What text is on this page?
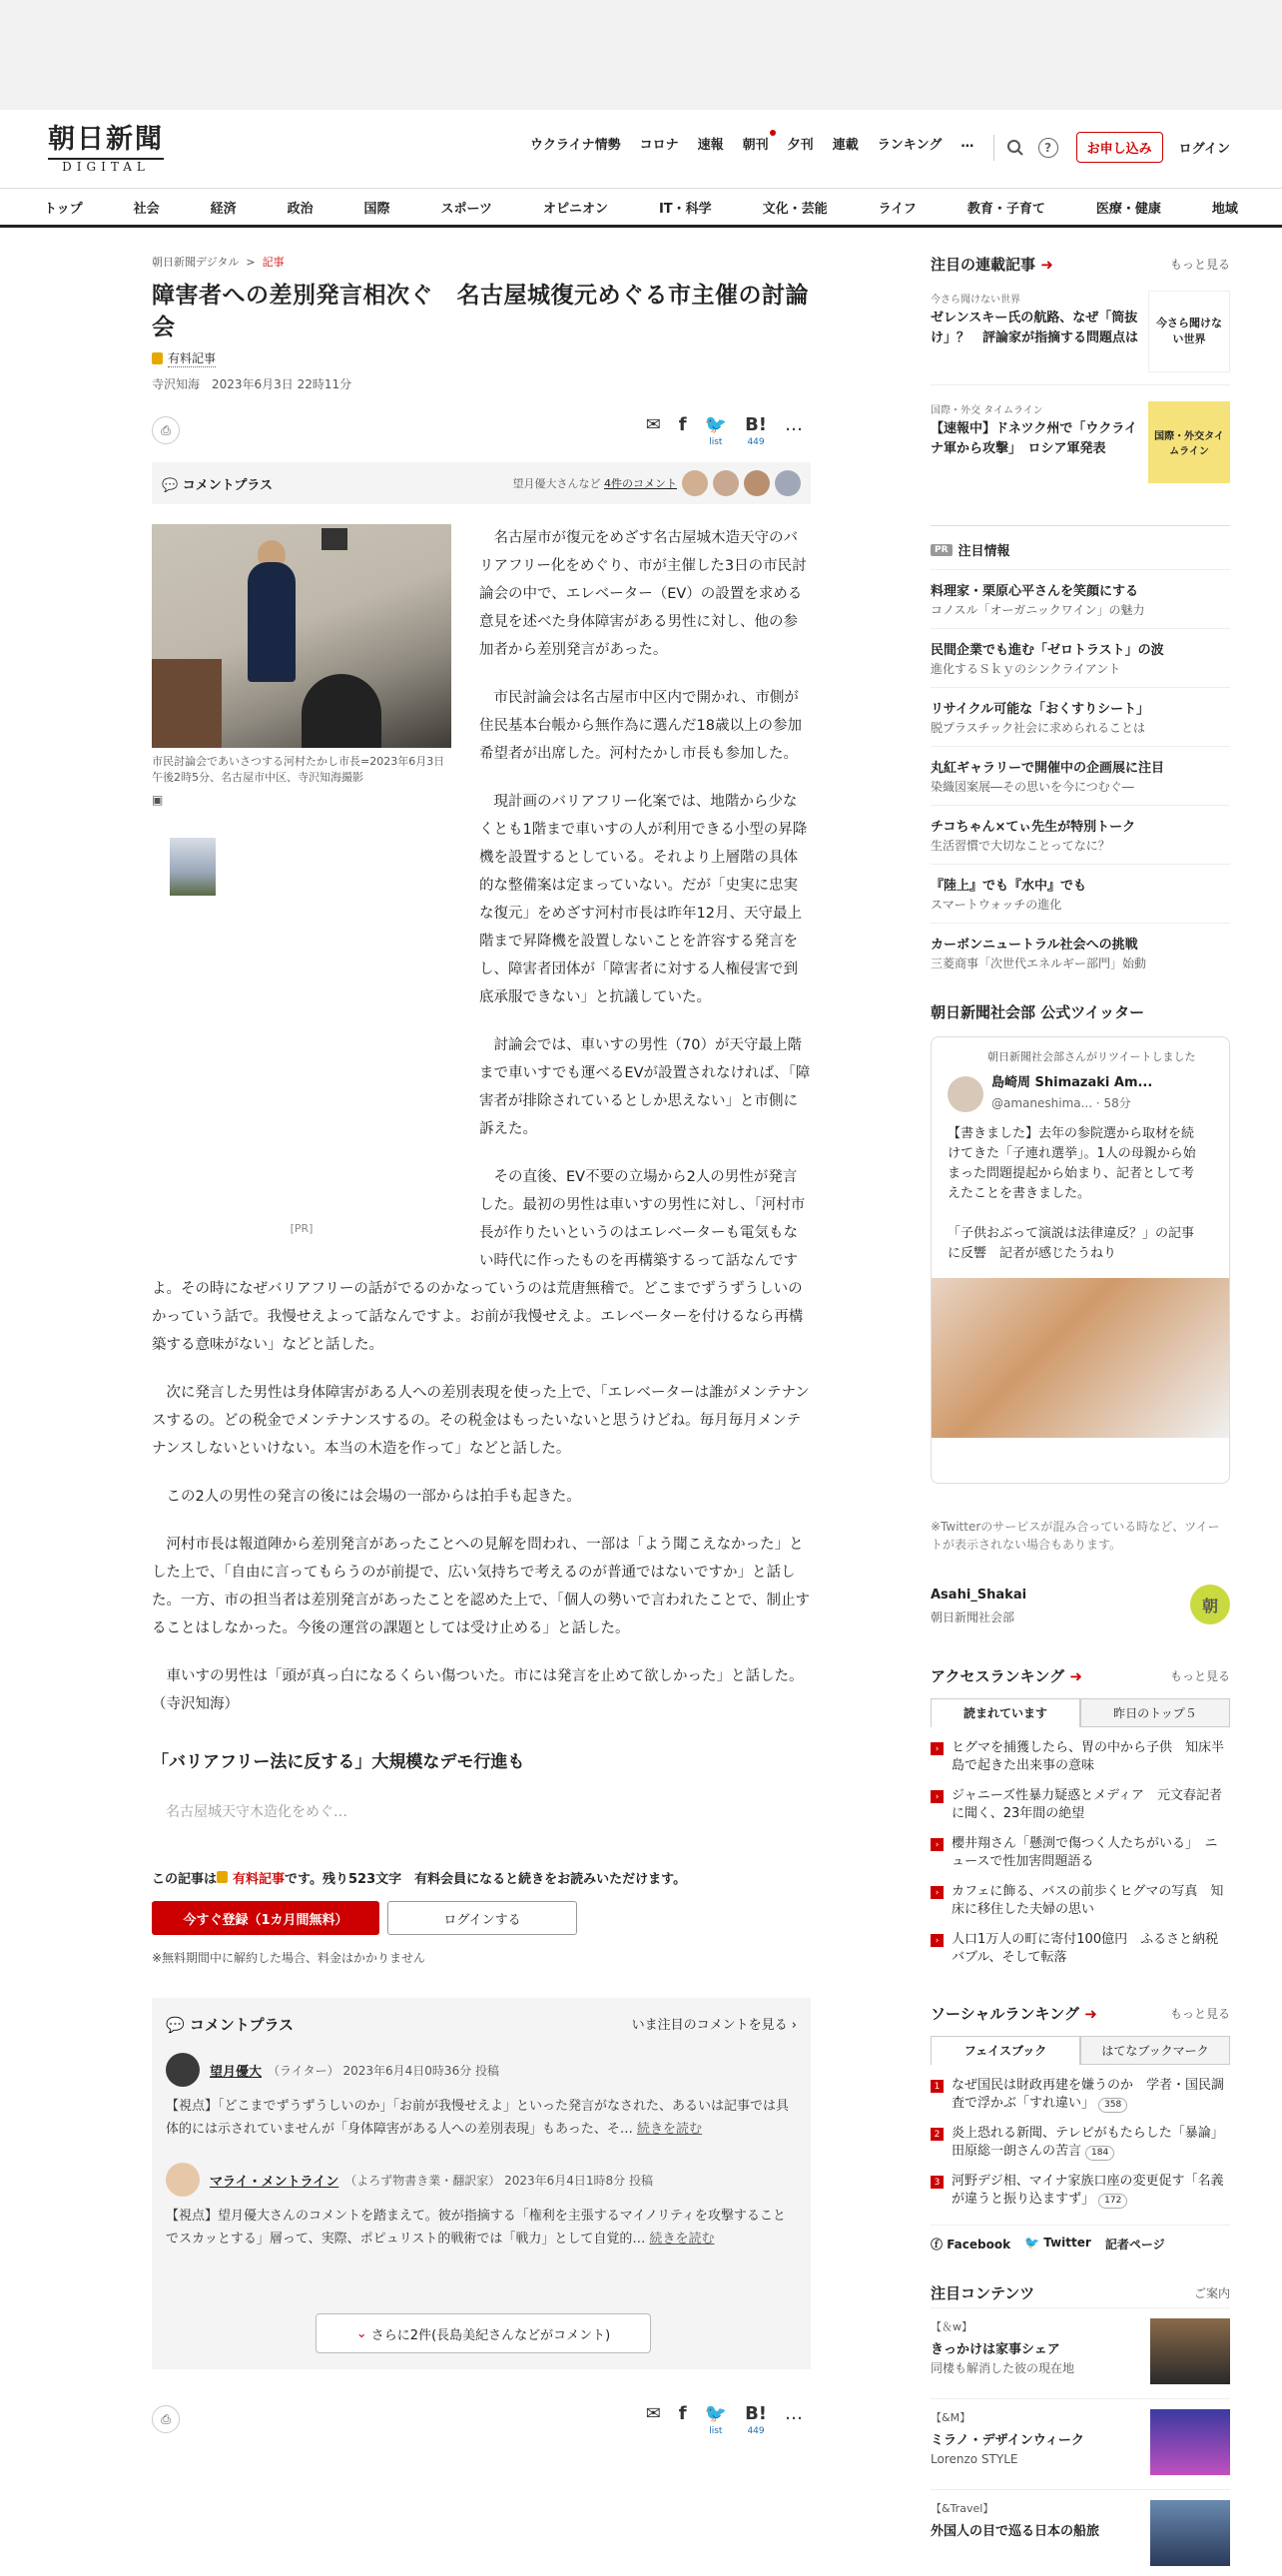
朝日新聞
DIGITAL
ウクライナ情勢 コロナ 速報 朝刊 夕刊 連載 ランキング …	?	お申し込み	ログイン
トップ	社会	経済	政治	国際	スポーツ	オピニオン	IT・科学	文化・芸能	ライフ	教育・子育て	医療・健康	地域
朝日新聞デジタル  >  記事
障害者への差別発言相次ぐ　名古屋城復元めぐる市主催の討論会
有料記事
寺沢知海　2023年6月3日 22時11分
⎙	✉ f 🐦
list
B!
449
…
💬 コメントプラス	望月優大さんなど
4件のコメント
市民討論会であいさつする河村たかし市長=2023年6月3日午後2時5分、名古屋市中区、寺沢知海撮影
▣
[PR]

名古屋市が復元をめざす名古屋城木造天守のバリアフリー化をめぐり、市が主催した3日の市民討論会の中で、エレベーター（EV）の設置を求める意見を述べた身体障害がある男性に対し、他の参加者から差別発言があった。

市民討論会は名古屋市中区内で開かれ、市側が住民基本台帳から無作為に選んだ18歳以上の参加希望者が出席した。河村たかし市長も参加した。

現計画のバリアフリー化案では、地階から少なくとも1階まで車いすの人が利用できる小型の昇降機を設置するとしている。それより上層階の具体的な整備案は定まっていない。だが「史実に忠実な復元」をめざす河村市長は昨年12月、天守最上階まで昇降機を設置しないことを許容する発言をし、障害者団体が「障害者に対する人権侵害で到底承服できない」と抗議していた。

討論会では、車いすの男性（70）が天守最上階まで車いすでも運べるEVが設置されなければ、「障害者が排除されているとしか思えない」と市側に訴えた。

その直後、EV不要の立場から2人の男性が発言した。最初の男性は車いすの男性に対し、「河村市長が作りたいというのはエレベーターも電気もない時代に作ったものを再構築するって話なんですよ。その時になぜバリアフリーの話がでるのかなっていうのは荒唐無稽で。どこまでずうずうしいのかっていう話で。我慢せえよって話なんですよ。お前が我慢せえよ。エレベーターを付けるなら再構築する意味がない」などと話した。

次に発言した男性は身体障害がある人への差別表現を使った上で、「エレベーターは誰がメンテナンスするの。どの税金でメンテナンスするの。その税金はもったいないと思うけどね。毎月毎月メンテナンスしないといけない。本当の木造を作って」などと話した。

この2人の男性の発言の後には会場の一部からは拍手も起きた。

河村市長は報道陣から差別発言があったことへの見解を問われ、一部は「よう聞こえなかった」とした上で、「自由に言ってもらうのが前提で、広い気持ちで考えるのが普通ではないですか」と話した。一方、市の担当者は差別発言があったことを認めた上で、「個人の勢いで言われたことで、制止することはしなかった。今後の運営の課題としては受け止める」と話した。

車いすの男性は「頭が真っ白になるくらい傷ついた。市には発言を止めて欲しかった」と話した。（寺沢知海）

「バリアフリー法に反する」大規模なデモ行進も
名古屋城天守木造化をめぐ…
この記事は 有料記事です。残り523文字　有料会員になると続きをお読みいただけます。
今すぐ登録（1カ月間無料）	ログインする
※無料期間中に解約した場合、料金はかかりません
💬 コメントプラス	いま注目のコメントを見る ›
望月優大 （ライター）
2023年6月4日0時36分 投稿
【視点】「どこまでずうずうしいのか」「お前が我慢せえよ」といった発言がなされた、あるいは記事では具体的には示されていませんが「身体障害がある人への差別表現」もあった、そ… 続きを読む
マライ・メントライン （よろず物書き業・翻訳家）
2023年6月4日1時8分 投稿
【視点】望月優大さんのコメントを踏まえて。彼が指摘する「権利を主張するマイノリティを攻撃することでスカッとする」層って、実際、ポピュリスト的戦術では「戦力」として自覚的… 続きを読む
⌄ さらに2件(長島美紀さんなどがコメント)
⎙	✉ f 🐦
list
B!
449
…
注目の連載記事 ➜	もっと見る
今さら聞けない世界
ゼレンスキー氏の航路、なぜ「筒抜け」？　評論家が指摘する問題点は
今さら聞けない世界
国際・外交 タイムライン
【速報中】ドネツク州で「ウクライナ軍から攻撃」　ロシア軍発表
国際・外交タイムライン
PR 注目情報
料理家・栗原心平さんを笑顔にする
コノスル「オーガニックワイン」の魅力
民間企業でも進む「ゼロトラスト」の波
進化するＳｋｙのシンクライアント
リサイクル可能な「おくすりシート」
脱プラスチック社会に求められることは
丸紅ギャラリーで開催中の企画展に注目
染織図案展―その思いを今につむぐ―
チコちゃん×てぃ先生が特別トーク
生活習慣で大切なことってなに？
『陸上』でも『水中』でも
スマートウォッチの進化
カーボンニュートラル社会への挑戦
三菱商事「次世代エネルギー部門」始動
朝日新聞社会部 公式ツイッター
朝日新聞社会部さんがリツイートしました
島崎周 Shimazaki Am...
@amaneshima... · 58分
【書きました】去年の参院選から取材を続けてきた「子連れ選挙」。1人の母親から始まった問題提起から始まり、記者として考えたことを書きました。

「子供おぶって演説は法律違反？」の記事に反響　記者が感じたうねり
※Twitterのサービスが混み合っている時など、ツイートが表示されない場合もあります。
Asahi_Shakai
朝日新聞社会部
朝
アクセスランキング ➜	もっと見る
読まれています	昨日のトップ５
› ヒグマを捕獲したら、胃の中から子供　知床半島で起きた出来事の意味
› ジャニーズ性暴力疑惑とメディア　元文春記者に聞く、23年間の絶望
› 櫻井翔さん「懸渕で傷つく人たちがいる」　ニュースで性加害問題語る
› カフェに飾る、バスの前歩くヒグマの写真　知床に移住した夫婦の思い
› 人口1万人の町に寄付100億円　ふるさと納税バブル、そして転落
ソーシャルランキング ➜	もっと見る
フェイスブック	はてなブックマーク
1 なぜ国民は財政再建を嫌うのか　学者・国民調査で浮かぶ「すれ違い」 358
2 炎上恐れる新聞、テレビがもたらした「暴論」　田原総一朗さんの苦言 184
3 河野デジ相、マイナ家族口座の変更促す「名義が違うと振り込ますず」 172
ⓕ Facebook 🐦 Twitter 記者ページ
注目コンテンツ	ご案内
【＆w】
きっかけは家事シェア
同棲も解消した彼の現在地
【&M】
ミラノ・デザインウィーク
Lorenzo STYLE
【&Travel】
外国人の目で巡る日本の船旅
